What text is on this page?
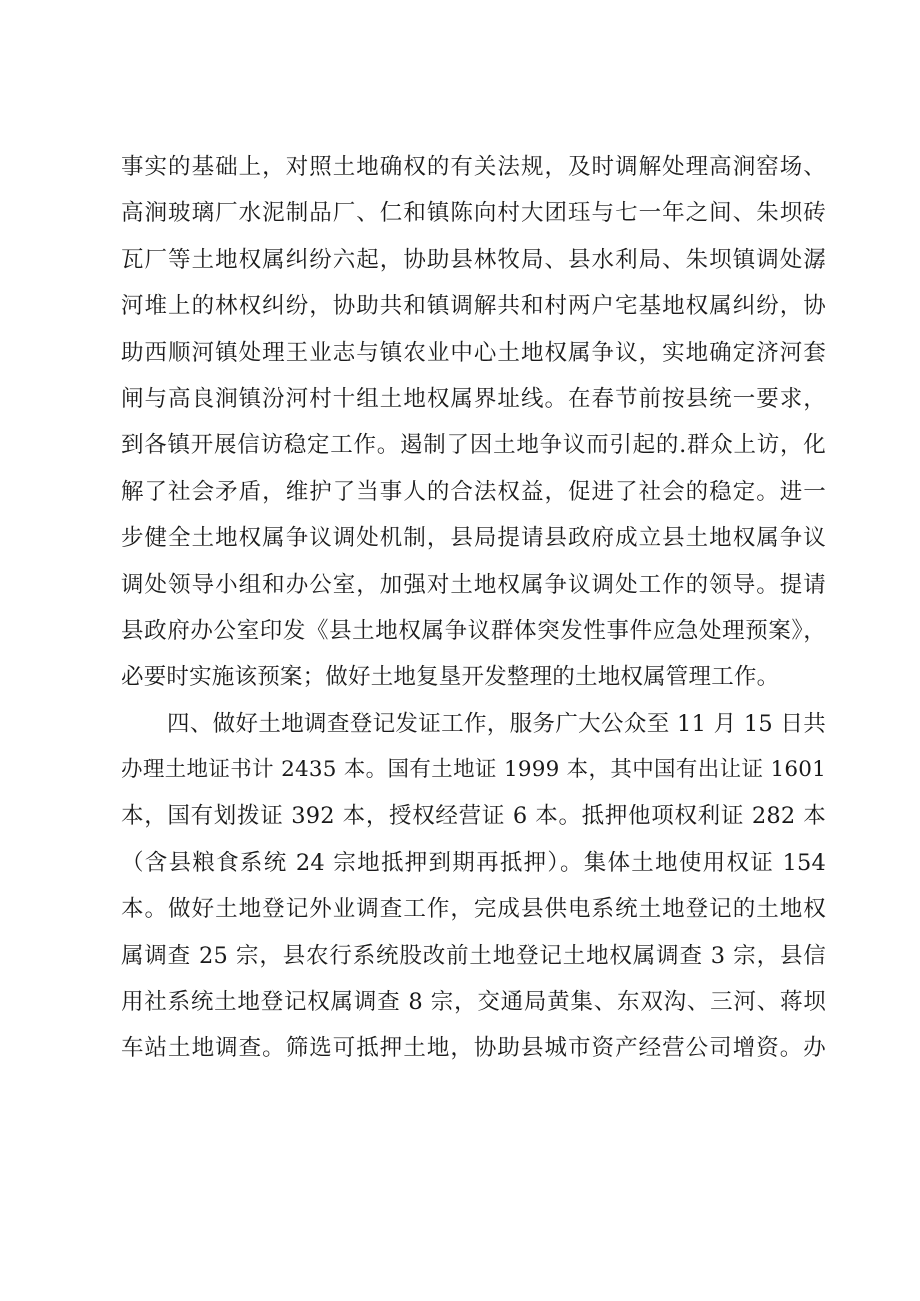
事实的基础上，对照土地确权的有关法规，及时调解处理高涧窑场、
高涧玻璃厂水泥制品厂、仁和镇陈向村大团珏与七一年之间、朱坝砖
瓦厂等土地权属纠纷六起，协助县林牧局、县水利局、朱坝镇调处潺
河堆上的林权纠纷，协助共和镇调解共和村两户宅基地权属纠纷，协
助西顺河镇处理王业志与镇农业中心土地权属争议，实地确定济河套
闸与高良涧镇汾河村十组土地权属界址线。在春节前按县统一要求，
到各镇开展信访稳定工作。遏制了因土地争议而引起的.群众上访，化
解了社会矛盾，维护了当事人的合法权益，促进了社会的稳定。进一
步健全土地权属争议调处机制，县局提请县政府成立县土地权属争议
调处领导小组和办公室，加强对土地权属争议调处工作的领导。提请
县政府办公室印发《县土地权属争议群体突发性事件应急处理预案》，
必要时实施该预案；做好土地复垦开发整理的土地权属管理工作。
四、做好土地调查登记发证工作，服务广大公众至 11 月 15 日共
办理土地证书计 2435 本。国有土地证 1999 本，其中国有出让证 1601
本，国有划拨证 392 本，授权经营证 6 本。抵押他项权利证 282 本
（含县粮食系统 24 宗地抵押到期再抵押）。集体土地使用权证 154
本。做好土地登记外业调查工作，完成县供电系统土地登记的土地权
属调查 25 宗，县农行系统股改前土地登记土地权属调查 3 宗，县信
用社系统土地登记权属调查 8 宗，交通局黄集、东双沟、三河、蒋坝
车站土地调查。筛选可抵押土地，协助县城市资产经营公司增资。办
